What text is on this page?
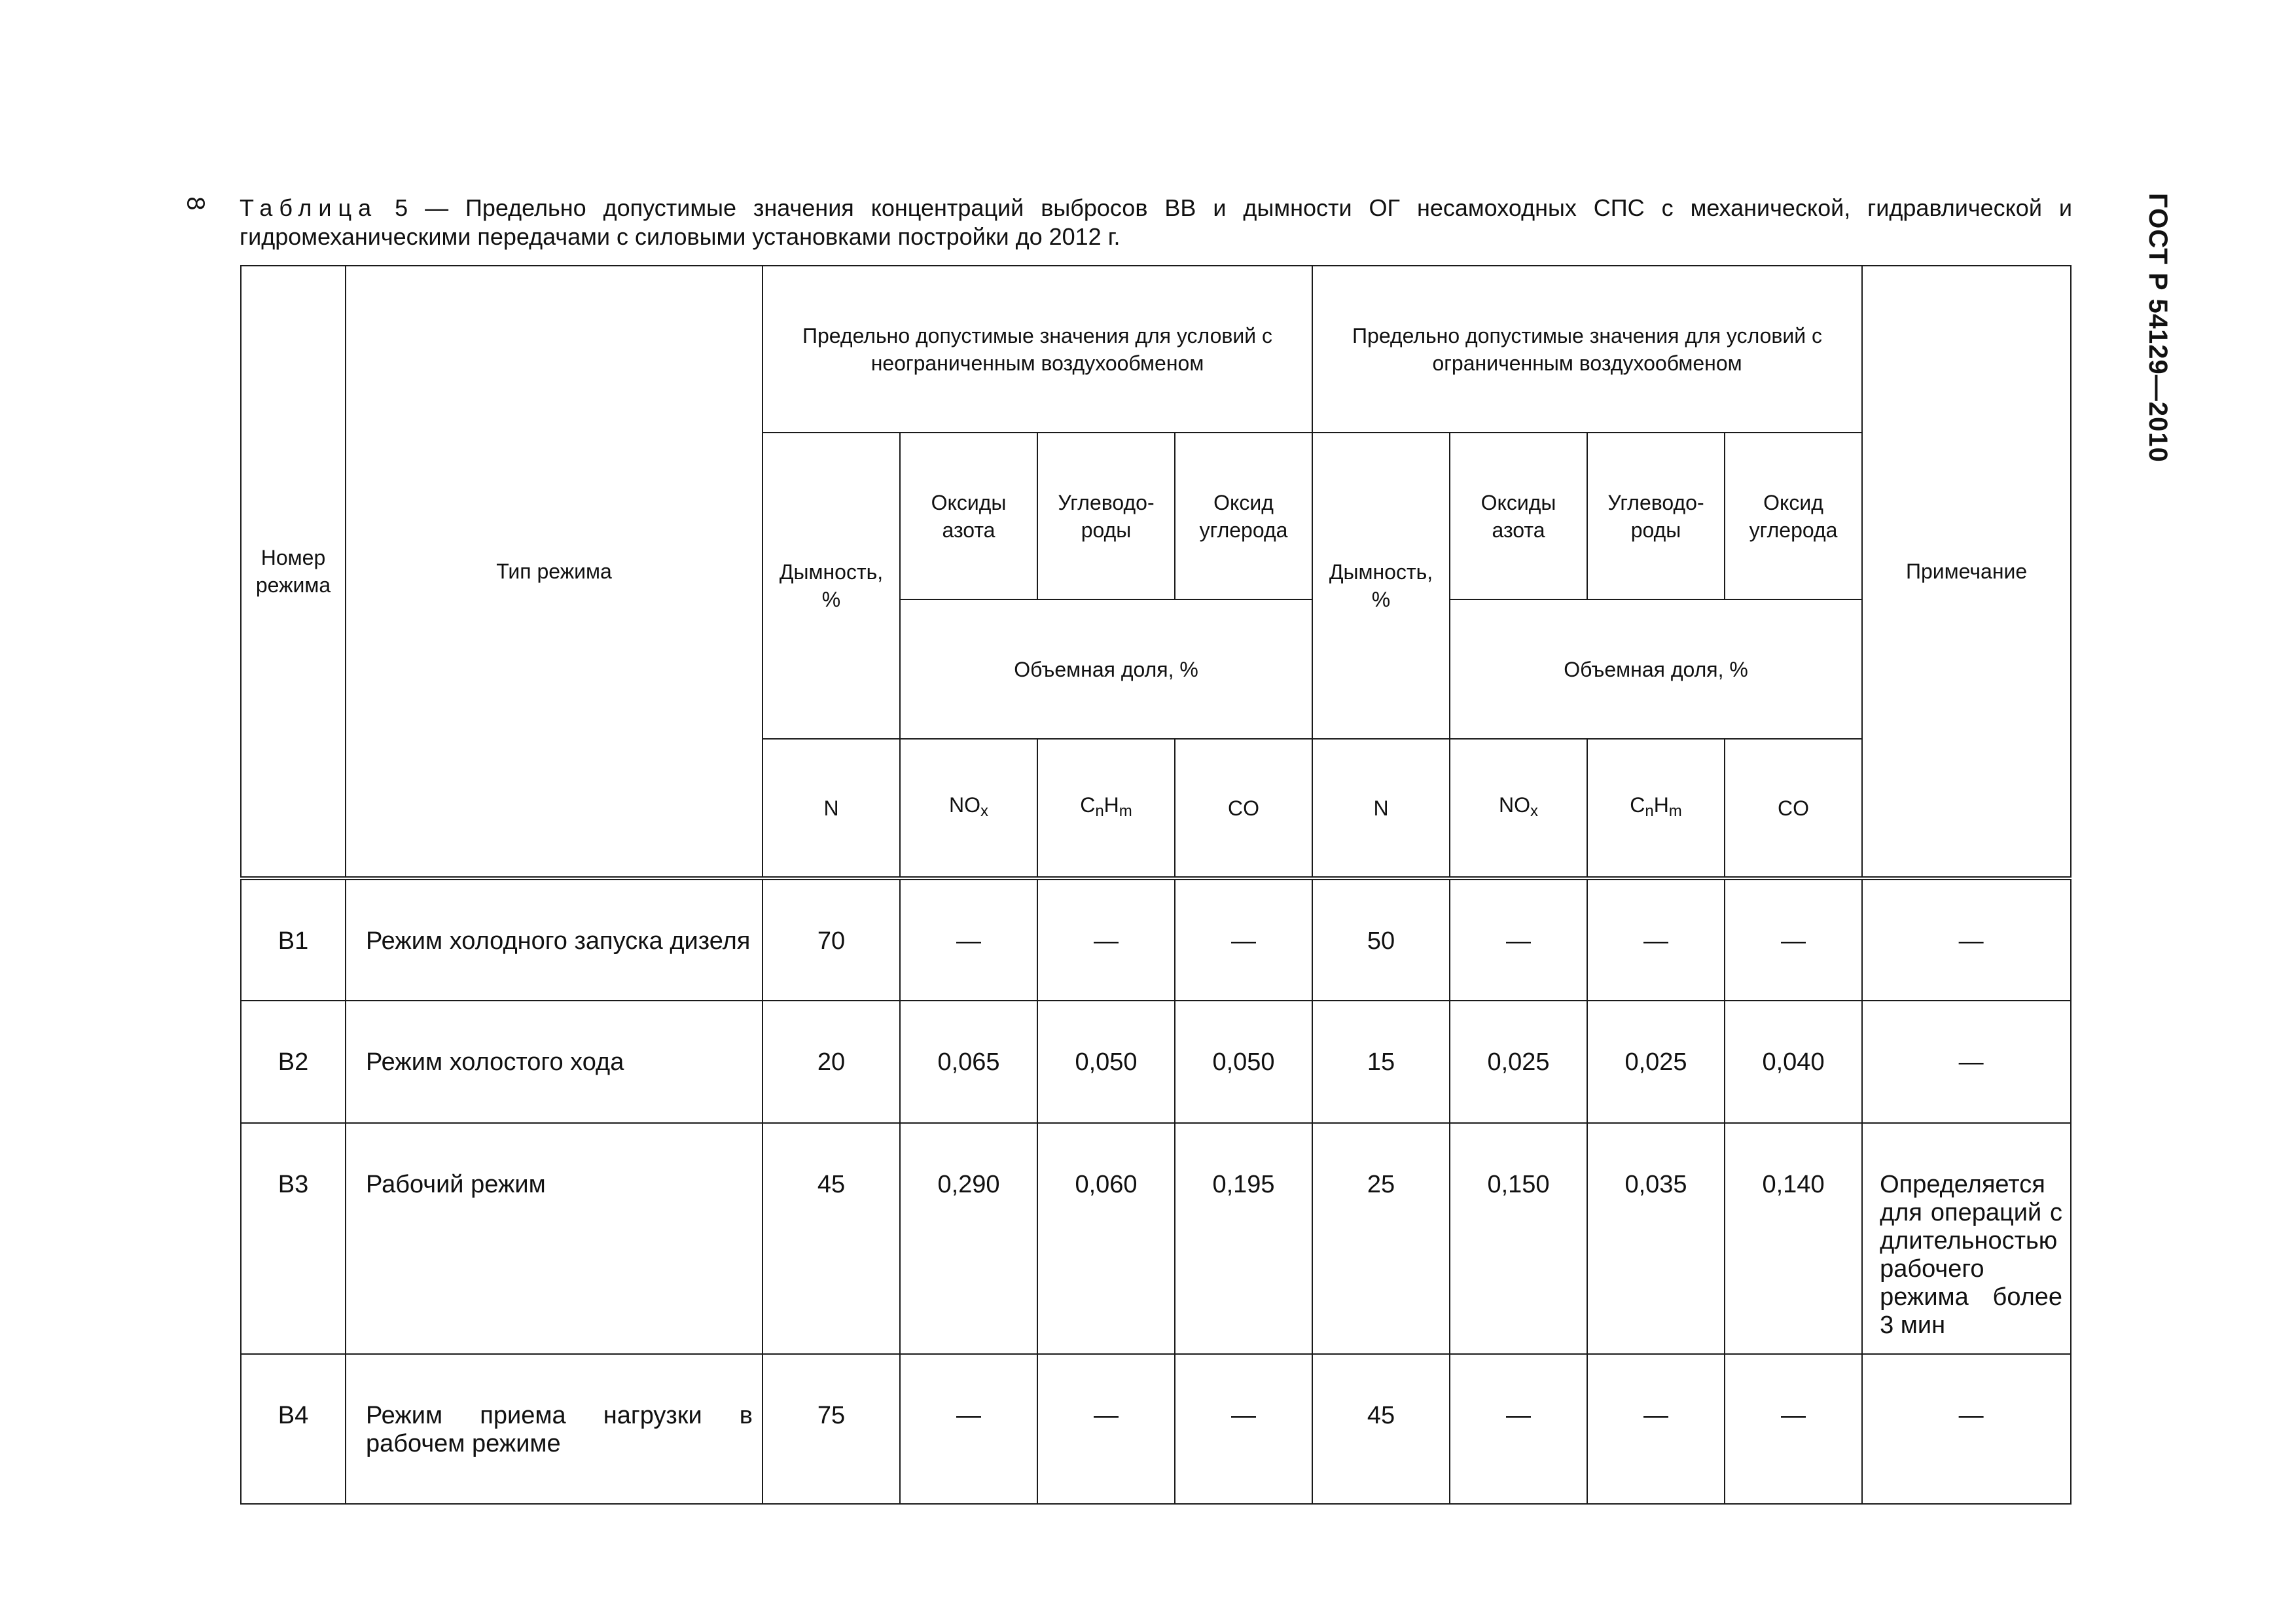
8	ГОСТ Р 54129—2010
Таблица 5 — Предельно допустимые значения концентраций выбросов ВВ и дымности ОГ несамоходных СПС с механической, гидравлической и гидромеханическими передачами с силовыми установками постройки до 2012 г.
Номер режима	Тип режима	Предельно допустимые значения для условий с неограниченным воздухообменом				Предельно допустимые значения для условий с ограниченным воздухообменом				Примечание
		Дымность, %	Оксиды азота	Углеводо-роды	Оксид углерода	Дымность, %	Оксиды азота	Углеводо-роды	Оксид углерода	
			Объемная доля, %				Объемная доля, %			
		N	$NO_x$	$C_nH_m$	CO	N	$NO_x$	$C_nH_m$	CO	
В1	Режим холодного запуска дизеля	70	—	—	—	50	—	—	—	—
В2	Режим холостого хода	20	0,065	0,050	0,050	15	0,025	0,025	0,040	—
В3	Рабочий режим	45	0,290	0,060	0,195	25	0,150	0,035	0,140	Определяется для операций с длительностью рабочего режима более 3 мин
В4	Режим приема нагрузки в рабочем режиме	75	—	—	—	45	—	—	—	—
